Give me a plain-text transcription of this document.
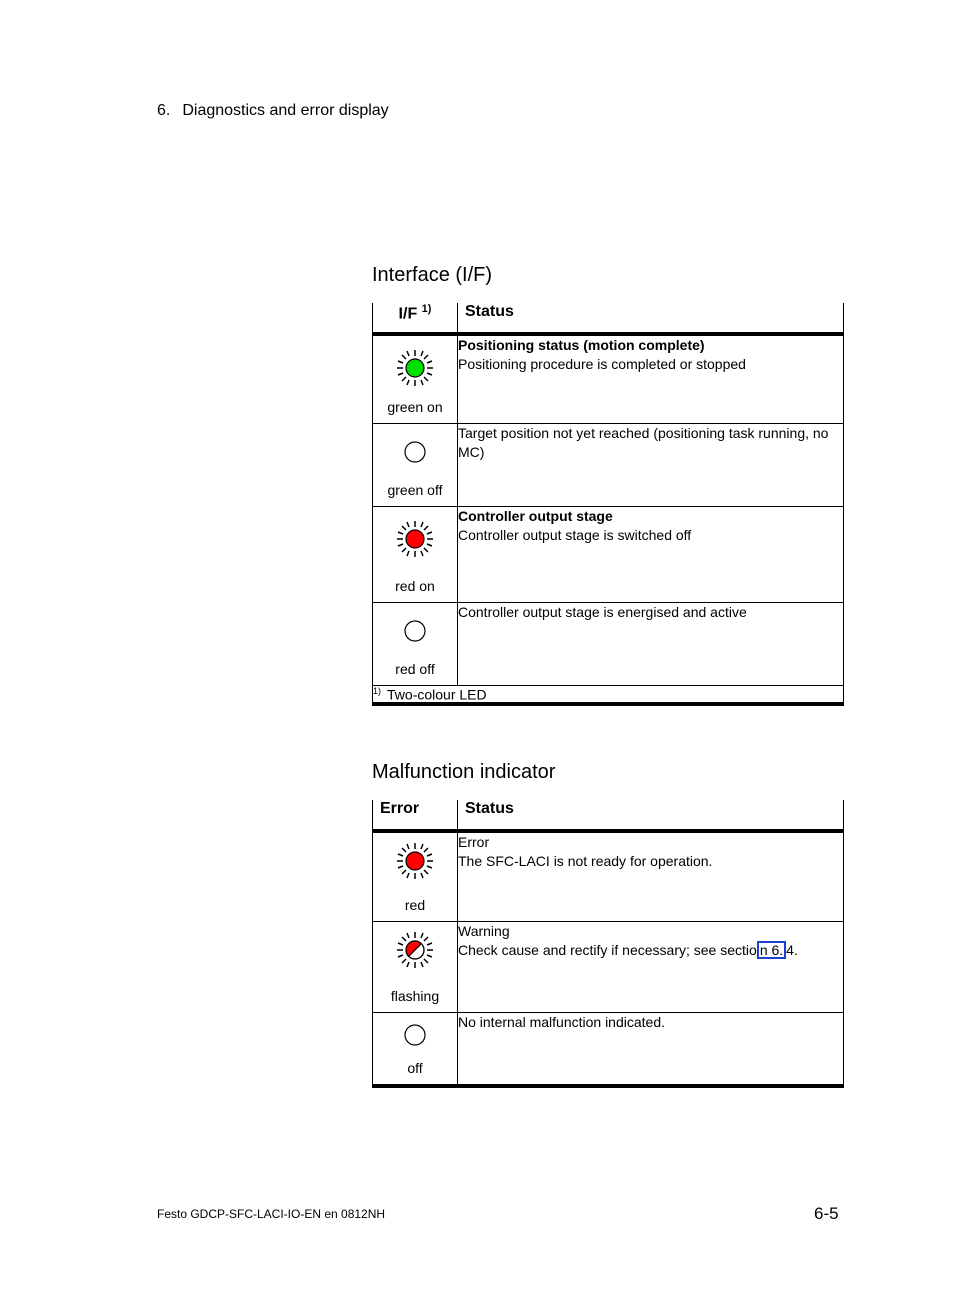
6. Diagnostics and error display
Interface (I/F)
I/F $^{1)}$	Status

green on	Positioning status (motion complete)
Positioning procedure is completed or stopped

green off	Target position not yet reached (positioning task running, no MC)

red on	Controller output stage
Controller output stage is switched off

red off	Controller output stage is energised and active

$^{1)}$ Two-colour LED	
Malfunction indicator
Error	Status

red	Error
The SFC-LACI is not ready for operation.

flashing	Warning
Check cause and rectify if necessary; see sectio n 6. 4.

off	No internal malfunction indicated.
Festo GDCP-SFC-LACI-IO-EN en 0812NH	6-5
